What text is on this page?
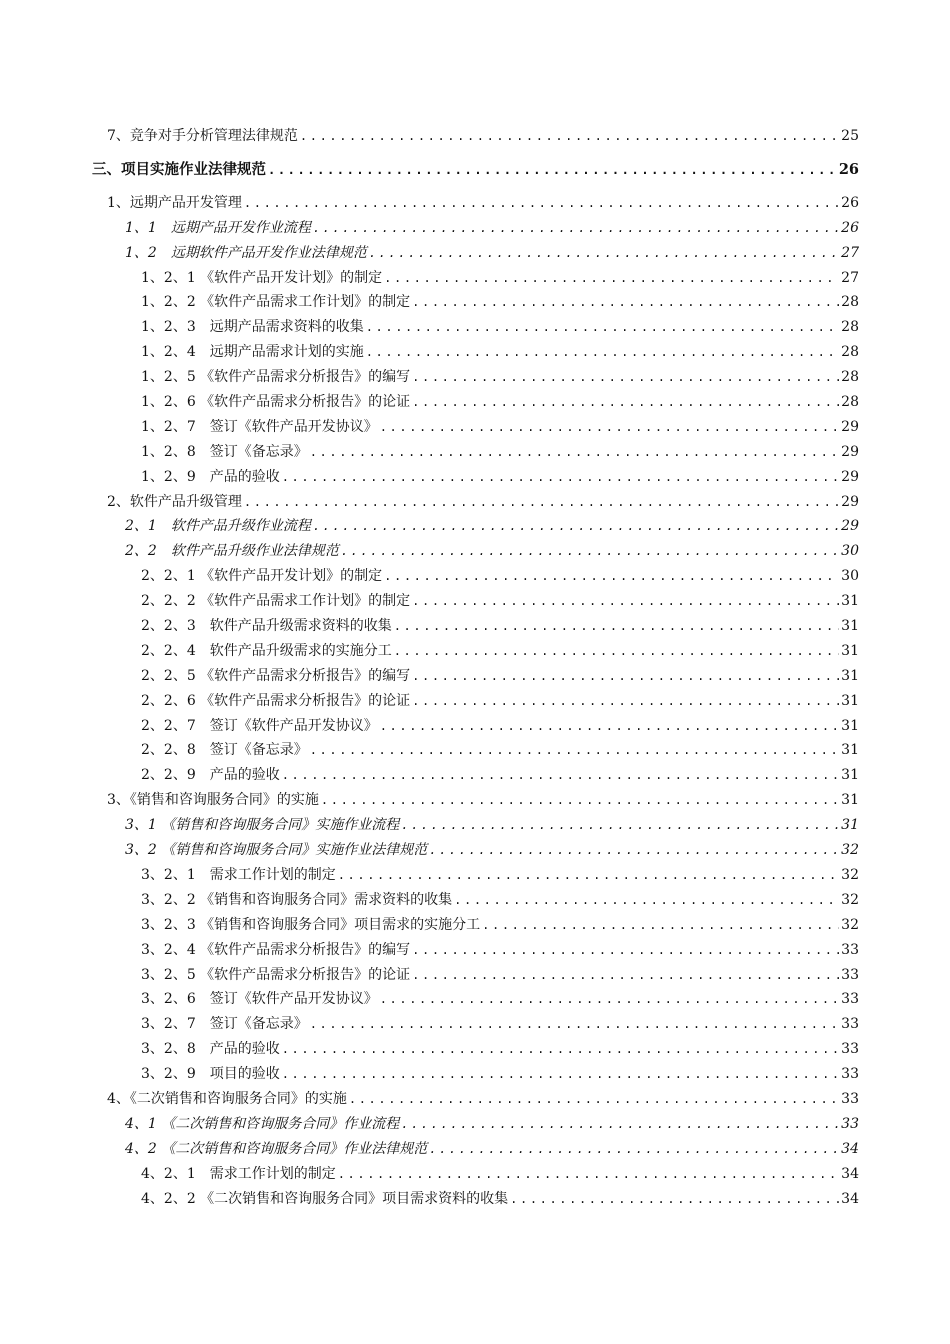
7、竞争对手分析管理法律规范 .....	25
三、项目实施作业法律规范 .....	26
1、远期产品开发管理 .....	26
1、1　远期产品开发作业流程 .....	26
1、2　远期软件产品开发作业法律规范 .....	27
1、2、1 《软件产品开发计划》的制定 .....	27
1、2、2 《软件产品需求工作计划》的制定 .....	28
1、2、3　远期产品需求资料的收集 .....	28
1、2、4　远期产品需求计划的实施 .....	28
1、2、5 《软件产品需求分析报告》的编写 .....	28
1、2、6 《软件产品需求分析报告》的论证 .....	28
1、2、7　签订《软件产品开发协议》 .....	29
1、2、8　签订《备忘录》 .....	29
1、2、9　产品的验收 .....	29
2、软件产品升级管理 .....	29
2、1　软件产品升级作业流程 .....	29
2、2　软件产品升级作业法律规范 .....	30
2、2、1 《软件产品开发计划》的制定 .....	30
2、2、2 《软件产品需求工作计划》的制定 .....	31
2、2、3　软件产品升级需求资料的收集 .....	31
2、2、4　软件产品升级需求的实施分工 .....	31
2、2、5 《软件产品需求分析报告》的编写 .....	31
2、2、6 《软件产品需求分析报告》的论证 .....	31
2、2、7　签订《软件产品开发协议》 .....	31
2、2、8　签订《备忘录》 .....	31
2、2、9　产品的验收 .....	31
3、《销售和咨询服务合同》的实施 .....	31
3、1 《销售和咨询服务合同》实施作业流程 .....	31
3、2 《销售和咨询服务合同》实施作业法律规范 .....	32
3、2、1　需求工作计划的制定 .....	32
3、2、2 《销售和咨询服务合同》需求资料的收集 .....	32
3、2、3 《销售和咨询服务合同》项目需求的实施分工 .....	32
3、2、4 《软件产品需求分析报告》的编写 .....	33
3、2、5 《软件产品需求分析报告》的论证 .....	33
3、2、6　签订《软件产品开发协议》 .....	33
3、2、7　签订《备忘录》 .....	33
3、2、8　产品的验收 .....	33
3、2、9　项目的验收 .....	33
4、《二次销售和咨询服务合同》的实施 .....	33
4、1 《二次销售和咨询服务合同》作业流程 .....	33
4、2 《二次销售和咨询服务合同》作业法律规范 .....	34
4、2、1　需求工作计划的制定 .....	34
4、2、2 《二次销售和咨询服务合同》项目需求资料的收集 .....	34
